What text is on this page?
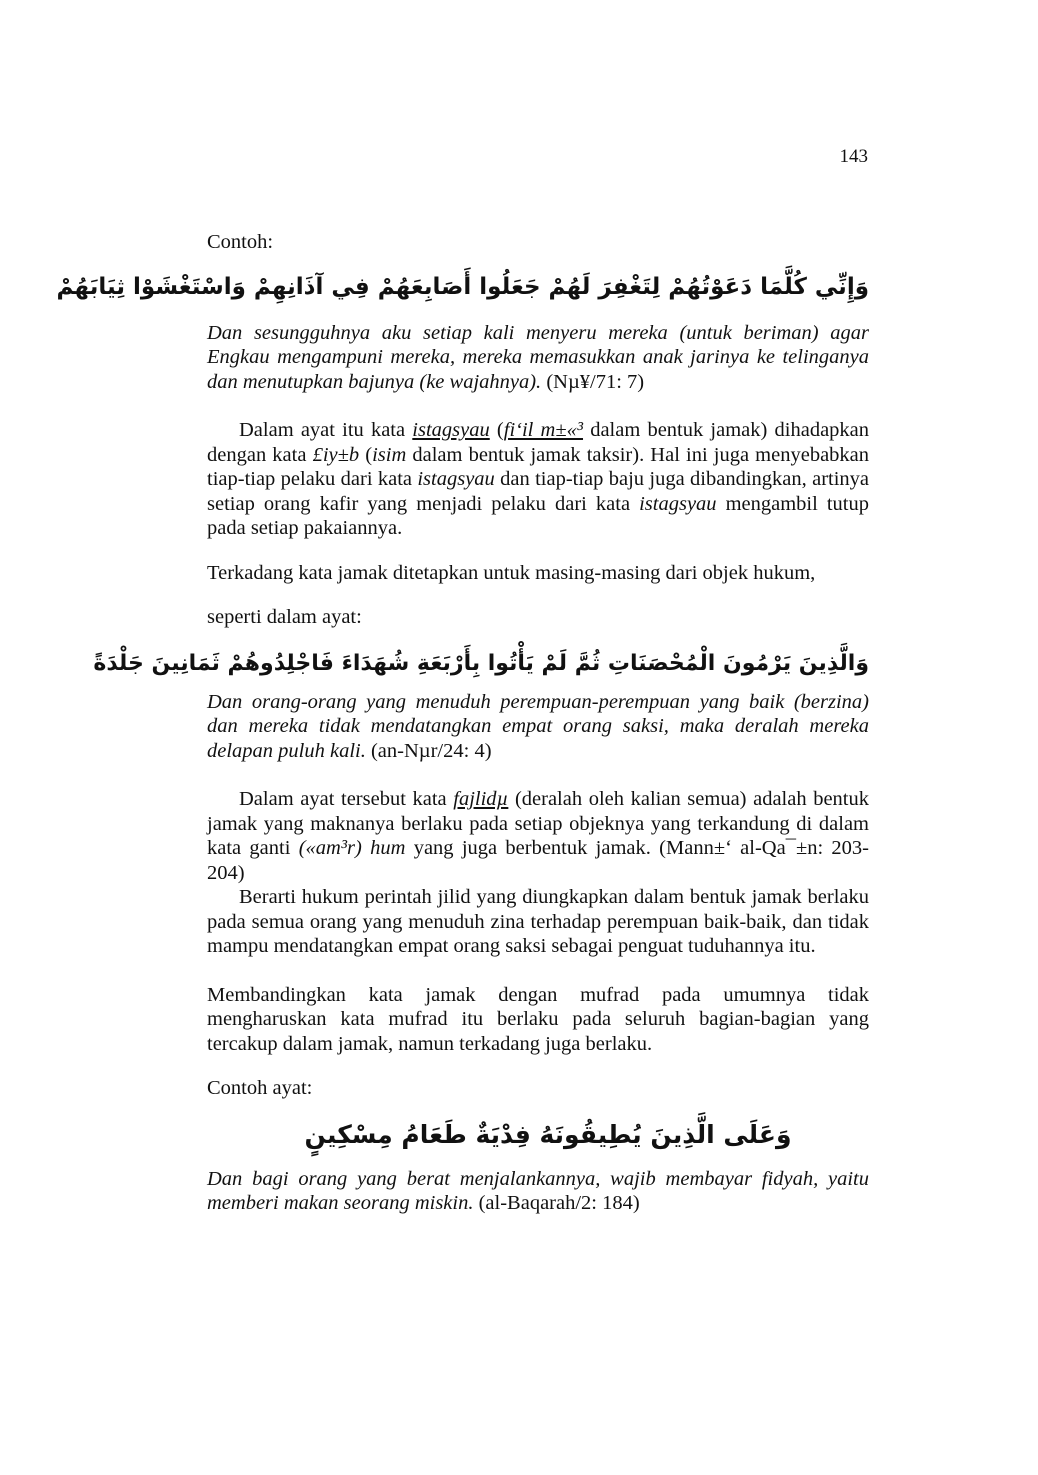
143

Contoh:

وَإِنِّي كُلَّمَا دَعَوْتُهُمْ لِتَغْفِرَ لَهُمْ جَعَلُوا أَصَابِعَهُمْ فِي آذَانِهِمْ وَاسْتَغْشَوْا ثِيَابَهُمْ

Dan sesungguhnya aku setiap kali menyeru mereka (untuk beriman) agar Engkau mengampuni mereka, mereka memasukkan anak jarinya ke telinganya dan menutupkan bajunya (ke wajahnya). (Nµ¥/71: 7)

Dalam ayat itu kata istagsyau (fi‘il m±«³ dalam bentuk jamak) dihadapkan dengan kata £iy±b (isim dalam bentuk jamak taksir). Hal ini juga menyebabkan tiap-tiap pelaku dari kata istagsyau dan tiap-tiap baju juga dibandingkan, artinya setiap orang kafir yang menjadi pelaku dari kata istagsyau mengambil tutup pada setiap pakaiannya.

Terkadang kata jamak ditetapkan untuk masing-masing dari objek hukum,

seperti dalam ayat:

وَالَّذِينَ يَرْمُونَ الْمُحْصَنَاتِ ثُمَّ لَمْ يَأْتُوا بِأَرْبَعَةِ شُهَدَاءَ فَاجْلِدُوهُمْ ثَمَانِينَ جَلْدَةً

Dan orang-orang yang menuduh perempuan-perempuan yang baik (berzina) dan mereka tidak mendatangkan empat orang saksi, maka deralah mereka delapan puluh kali. (an-Nµr/24: 4)

Dalam ayat tersebut kata fajlidµ (deralah oleh kalian semua) adalah bentuk jamak yang maknanya berlaku pada setiap objeknya yang terkandung di dalam kata ganti («am³r) hum yang juga berbentuk jamak. (Mann±‘ al-Qa¯±n: 203-204)

Berarti hukum perintah jilid yang diungkapkan dalam bentuk jamak berlaku pada semua orang yang menuduh zina terhadap perempuan baik-baik, dan tidak mampu mendatangkan empat orang saksi sebagai penguat tuduhannya itu.

Membandingkan kata jamak dengan mufrad pada umumnya tidak mengharuskan kata mufrad itu berlaku pada seluruh bagian-bagian yang tercakup dalam jamak, namun terkadang juga berlaku.

Contoh ayat:

وَعَلَى الَّذِينَ يُطِيقُونَهُ فِدْيَةٌ طَعَامُ مِسْكِينٍ

Dan bagi orang yang berat menjalankannya, wajib membayar fidyah, yaitu memberi makan seorang miskin. (al-Baqarah/2: 184)
